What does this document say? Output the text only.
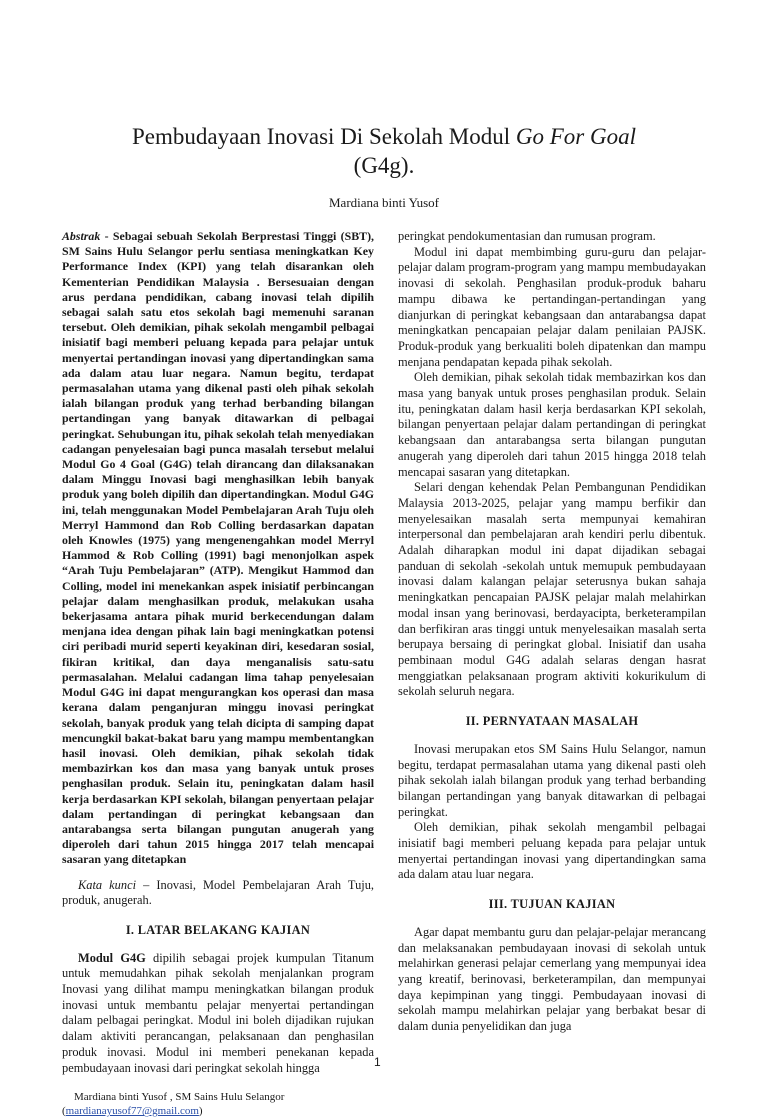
Pembudayaan Inovasi Di Sekolah Modul Go For Goal
(G4g).
Mardiana binti Yusof

Abstrak - Sebagai sebuah Sekolah Berprestasi Tinggi (SBT), SM Sains Hulu Selangor perlu sentiasa meningkatkan Key Performance Index (KPI) yang telah disarankan oleh Kementerian Pendidikan Malaysia . Bersesuaian dengan arus perdana pendidikan, cabang inovasi telah dipilih sebagai salah satu etos sekolah bagi memenuhi saranan tersebut. Oleh demikian, pihak sekolah mengambil pelbagai inisiatif bagi memberi peluang kepada para pelajar untuk menyertai pertandingan inovasi yang dipertandingkan sama ada dalam atau luar negara. Namun begitu, terdapat permasalahan utama yang dikenal pasti oleh pihak sekolah ialah bilangan produk yang terhad berbanding bilangan pertandingan yang banyak ditawarkan di pelbagai peringkat. Sehubungan itu, pihak sekolah telah menyediakan cadangan penyelesaian bagi punca masalah tersebut melalui Modul Go 4 Goal (G4G) telah dirancang dan dilaksanakan dalam Minggu Inovasi bagi menghasilkan lebih banyak produk yang boleh dipilih dan dipertandingkan. Modul G4G ini, telah menggunakan Model Pembelajaran Arah Tuju oleh Merryl Hammond dan Rob Colling berdasarkan dapatan oleh Knowles (1975) yang mengenengahkan model Merryl Hammod & Rob Colling (1991) bagi menonjolkan aspek “Arah Tuju Pembelajaran” (ATP). Mengikut Hammod dan Colling, model ini menekankan aspek inisiatif perbincangan pelajar dalam menghasilkan produk, melakukan usaha bekerjasama antara pihak murid berkecendungan dalam menjana idea dengan pihak lain bagi meningkatkan potensi ciri peribadi murid seperti keyakinan diri, kesedaran sosial, fikiran kritikal, dan daya menganalisis satu-satu permasalahan. Melalui cadangan lima tahap penyelesaian Modul G4G ini dapat mengurangkan kos operasi dan masa kerana dalam penganjuran minggu inovasi peringkat sekolah, banyak produk yang telah dicipta di samping dapat mencungkil bakat-bakat baru yang mampu membentangkan hasil inovasi. Oleh demikian, pihak sekolah tidak membazirkan kos dan masa yang banyak untuk proses penghasilan produk. Selain itu, peningkatan dalam hasil kerja berdasarkan KPI sekolah, bilangan penyertaan pelajar dalam pertandingan di peringkat kebangsaan dan antarabangsa serta bilangan pungutan anugerah yang diperoleh dari tahun 2015 hingga 2017 telah mencapai sasaran yang ditetapkan

Kata kunci – Inovasi, Model Pembelajaran Arah Tuju, produk, anugerah.

I. LATAR BELAKANG KAJIAN

Modul G4G dipilih sebagai projek kumpulan Titanum untuk memudahkan pihak sekolah menjalankan program Inovasi yang dilihat mampu meningkatkan bilangan produk inovasi untuk membantu pelajar menyertai pertandingan dalam pelbagai peringkat. Modul ini boleh dijadikan rujukan dalam aktiviti perancangan, pelaksanaan dan penghasilan produk inovasi. Modul ini memberi penekanan kepada pembudayaan inovasi dari peringkat sekolah hingga

Mardiana binti Yusof , SM Sains Hulu Selangor
(mardianayusof77@gmail.com)

peringkat pendokumentasian dan rumusan program.

Modul ini dapat membimbing guru-guru dan pelajar-pelajar dalam program-program yang mampu membudayakan inovasi di sekolah. Penghasilan produk-produk baharu mampu dibawa ke pertandingan-pertandingan yang dianjurkan di peringkat kebangsaan dan antarabangsa dapat meningkatkan pencapaian pelajar dalam penilaian PAJSK. Produk-produk yang berkualiti boleh dipatenkan dan mampu menjana pendapatan kepada pihak sekolah.

Oleh demikian, pihak sekolah tidak membazirkan kos dan masa yang banyak untuk proses penghasilan produk. Selain itu, peningkatan dalam hasil kerja berdasarkan KPI sekolah, bilangan penyertaan pelajar dalam pertandingan di peringkat kebangsaan dan antarabangsa serta bilangan pungutan anugerah yang diperoleh dari tahun 2015 hingga 2018 telah mencapai sasaran yang ditetapkan.

Selari dengan kehendak Pelan Pembangunan Pendidikan Malaysia 2013-2025, pelajar yang mampu berfikir dan menyelesaikan masalah serta mempunyai kemahiran interpersonal dan pembelajaran arah kendiri perlu dibentuk. Adalah diharapkan modul ini dapat dijadikan sebagai panduan di sekolah -sekolah untuk memupuk pembudayaan inovasi dalam kalangan pelajar seterusnya bukan sahaja meningkatkan pencapaian PAJSK pelajar malah melahirkan modal insan yang berinovasi, berdayacipta, berketerampilan dan berfikiran aras tinggi untuk menyelesaikan masalah serta berupaya bersaing di peringkat global. Inisiatif dan usaha pembinaan modul G4G adalah selaras dengan hasrat menggiatkan pelaksanaan program aktiviti kokurikulum di sekolah seluruh negara.

II. PERNYATAAN MASALAH

Inovasi merupakan etos SM Sains Hulu Selangor, namun begitu, terdapat permasalahan utama yang dikenal pasti oleh pihak sekolah ialah bilangan produk yang terhad berbanding bilangan pertandingan yang banyak ditawarkan di pelbagai peringkat.

Oleh demikian, pihak sekolah mengambil pelbagai inisiatif bagi memberi peluang kepada para pelajar untuk menyertai pertandingan inovasi yang dipertandingkan sama ada dalam atau luar negara.

III. TUJUAN KAJIAN

Agar dapat membantu guru dan pelajar-pelajar merancang dan melaksanakan pembudayaan inovasi di sekolah untuk melahirkan generasi pelajar cemerlang yang mempunyai idea yang kreatif, berinovasi, berketerampilan, dan mempunyai daya kepimpinan yang tinggi. Pembudayaan inovasi di sekolah mampu melahirkan pelajar yang berbakat besar di dalam dunia penyelidikan dan juga

1
